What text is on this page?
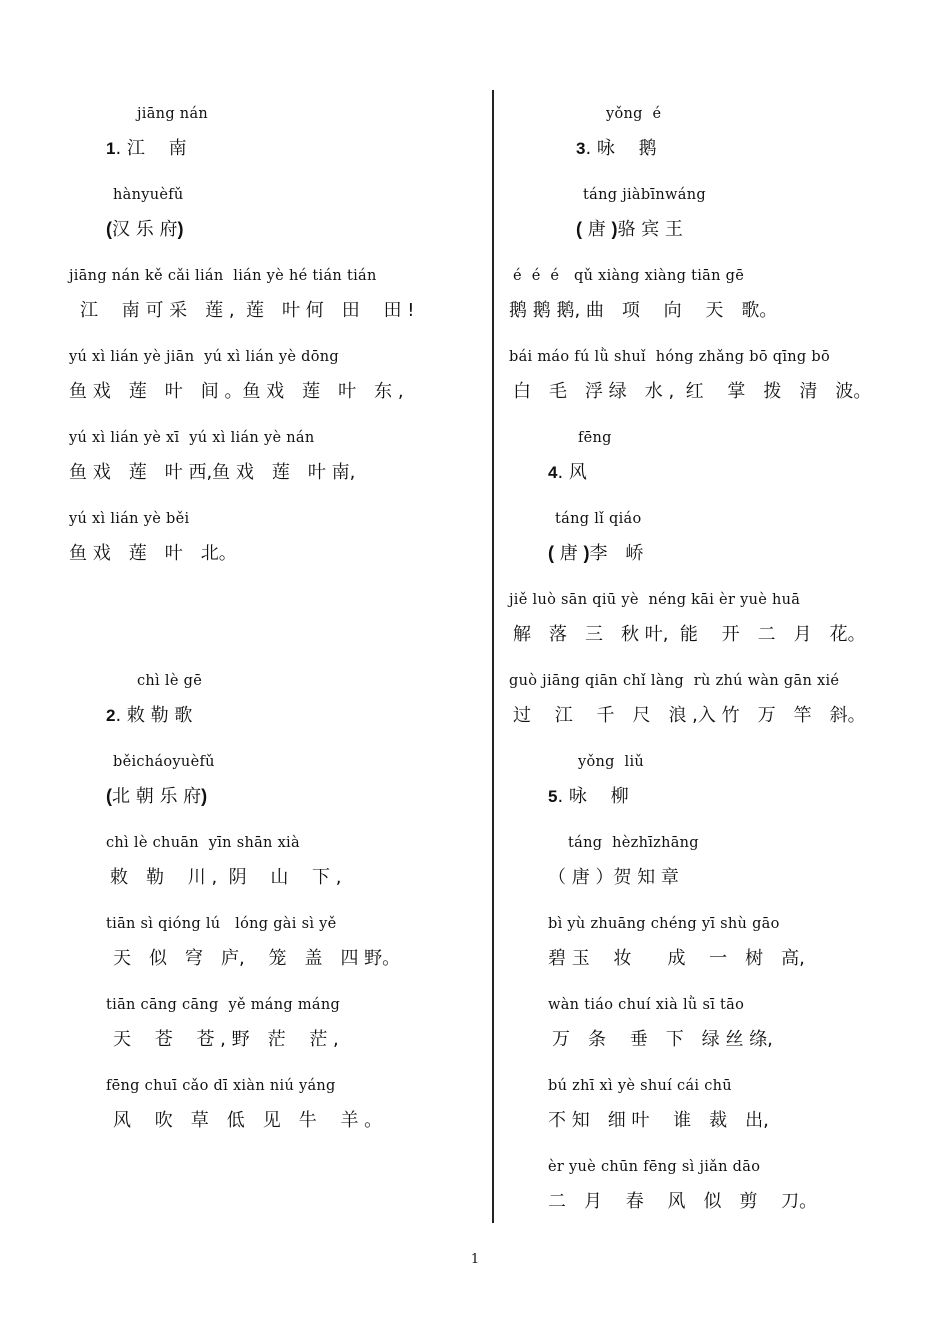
jiāng nán
1. 江　 南
hànyuèfǔ
(汉 乐 府)
jiāng nán kě cǎi lián  lián yè hé tián tián
江　 南 可 采　莲 ,  莲　叶 何　田　 田 !
yú xì lián yè jiān  yú xì lián yè dōng
鱼 戏　莲　叶　间 。鱼 戏　莲　叶　东 ,
yú xì lián yè xī  yú xì lián yè nán
鱼 戏　莲　叶 西,鱼 戏　莲　叶 南,
yú xì lián yè běi
鱼 戏　莲　叶　北。
chì lè gē
2. 敕 勒 歌
běicháoyuèfǔ
(北 朝 乐 府)
chì lè chuān  yīn shān xià
敕　勒　 川 ,  阴　 山　 下 ,
tiān sì qióng lú   lóng gài sì yě
天　似　穹　庐,　 笼　盖　四 野。
tiān cāng cāng  yě máng máng
天　 苍　 苍 , 野　茫　 茫 ,
fēng chuī cǎo dī xiàn niú yáng
风　 吹　草　低　见　牛　 羊 。
yǒng  é
3. 咏　 鹅
táng jiàbīnwáng
( 唐 )骆 宾 王
é  é  é   qǔ xiàng xiàng tiān gē
鹅 鹅 鹅, 曲　项　 向　 天　歌。
bái máo fú lǜ shuǐ  hóng zhǎng bō qīng bō
白　毛　浮 绿　水 ,  红　 掌　拨　清　波。
fēng
4. 风
táng lǐ qiáo
( 唐 )李　峤
jiě luò sān qiū yè  néng kāi èr yuè huā
解　落　三　秋 叶,  能　 开　二　月　花。
guò jiāng qiān chǐ làng  rù zhú wàn gān xié
过　 江　 千　尺　浪 ,入 竹　万　竿　斜。
yǒng  liǔ
5. 咏　 柳
táng  hèzhīzhāng
（ 唐 ）贺 知 章
bì yù zhuāng chéng yī shù gāo
碧 玉　 妆　　成　 一　树　高,
wàn tiáo chuí xià lǜ sī tāo
万　条　 垂　下　绿 丝 绦,
bú zhī xì yè shuí cái chū
不 知　细 叶　 谁　裁　出,
èr yuè chūn fēng sì jiǎn dāo
二　月　 春　 风　似　剪　 刀。
1
